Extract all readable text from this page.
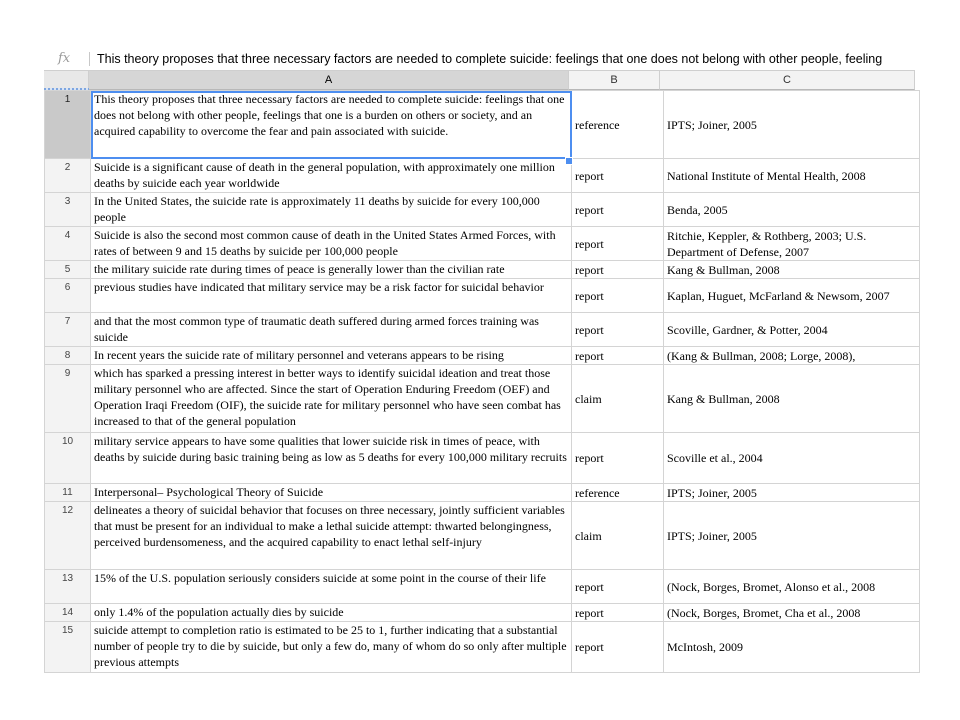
fx	This theory proposes that three necessary factors are needed to complete suicide: feelings that one does not belong with other people, feeling
A	B	C
1	This theory proposes that three necessary factors are needed to complete suicide: feelings that one does not belong with other people, feelings that one is a burden on others or society, and an acquired capability to overcome the fear and pain associated with suicide.	reference	IPTS; Joiner, 2005
2	Suicide is a significant cause of death in the general population, with approximately one million deaths by suicide each year worldwide	report	National Institute of Mental Health, 2008
3	In the United States, the suicide rate is approximately 11 deaths by suicide for every 100,000 people	report	Benda, 2005
4	Suicide is also the second most common cause of death in the United States Armed Forces, with rates of between 9 and 15 deaths by suicide per 100,000 people	report	Ritchie, Keppler, & Rothberg, 2003; U.S. Department of Defense, 2007
5	the military suicide rate during times of peace is generally lower than the civilian rate	report	Kang & Bullman, 2008
6	previous studies have indicated that military service may be a risk factor for suicidal behavior	report	Kaplan, Huguet, McFarland & Newsom, 2007
7	and that the most common type of traumatic death suffered during armed forces training was suicide	report	Scoville, Gardner, & Potter, 2004
8	In recent years the suicide rate of military personnel and veterans appears to be rising	report	(Kang & Bullman, 2008; Lorge, 2008),
9	which has sparked a pressing interest in better ways to identify suicidal ideation and treat those military personnel who are affected. Since the start of Operation Enduring Freedom (OEF) and Operation Iraqi Freedom (OIF), the suicide rate for military personnel who have seen combat has increased to that of the general population	claim	Kang & Bullman, 2008
10	military service appears to have some qualities that lower suicide risk in times of peace, with deaths by suicide during basic training being as low as 5 deaths for every 100,000 military recruits	report	Scoville et al., 2004
11	Interpersonal– Psychological Theory of Suicide	reference	IPTS; Joiner, 2005
12	delineates a theory of suicidal behavior that focuses on three necessary, jointly sufficient variables that must be present for an individual to make a lethal suicide attempt: thwarted belongingness, perceived burdensomeness, and the acquired capability to enact lethal self-injury	claim	IPTS; Joiner, 2005
13	15% of the U.S. population seriously considers suicide at some point in the course of their life	report	(Nock, Borges, Bromet, Alonso et al., 2008
14	only 1.4% of the population actually dies by suicide	report	(Nock, Borges, Bromet, Cha et al., 2008
15	suicide attempt to completion ratio is estimated to be 25 to 1, further indicating that a substantial number of people try to die by suicide, but only a few do, many of whom do so only after multiple previous attempts	report	McIntosh, 2009
